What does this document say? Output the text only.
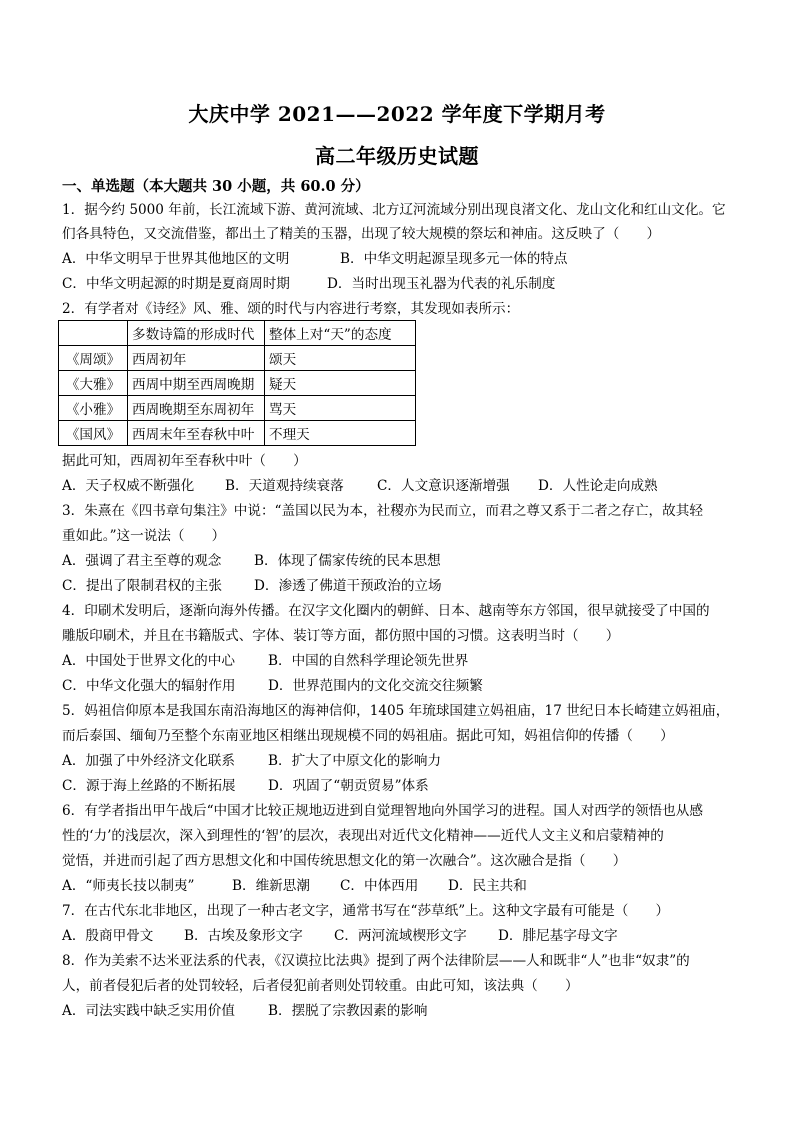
大庆中学 2021——2022 学年度下学期月考
高二年级历史试题
一、单选题（本大题共 30 小题，共 60.0 分）
1．据今约 5000 年前，长江流域下游、黄河流域、北方辽河流域分别出现良渚文化、龙山文化和红山文化。它
们各具特色，又交流借鉴，都出土了精美的玉器，出现了较大规模的祭坛和神庙。这反映了（　　）
A．中华文明早于世界其他地区的文明	B．中华文明起源呈现多元一体的特点
C．中华文明起源的时期是夏商周时期	D．当时出现玉礼器为代表的礼乐制度
2．有学者对《诗经》风、雅、颂的时代与内容进行考察，其发现如表所示：
	多数诗篇的形成时代	整体上对“天”的态度
《周颂》	西周初年	颂天
《大雅》	西周中期至西周晚期	疑天
《小雅》	西周晚期至东周初年	骂天
《国风》	西周末年至春秋中叶	不理天
据此可知，西周初年至春秋中叶（　　）
A．天子权威不断强化 B．天道观持续衰落 C．人文意识逐渐增强 D．人性论走向成熟
3．朱熹在《四书章句集注》中说：“盖国以民为本，社稷亦为民而立，而君之尊又系于二者之存亡，故其轻
重如此。”这一说法（　　）
A．强调了君主至尊的观念 B．体现了儒家传统的民本思想
C．提出了限制君权的主张 D．渗透了佛道干预政治的立场
4．印刷术发明后，逐渐向海外传播。在汉字文化圈内的朝鲜、日本、越南等东方邻国，很早就接受了中国的
雕版印刷术，并且在书籍版式、字体、装订等方面，都仿照中国的习惯。这表明当时（　　）
A．中国处于世界文化的中心 B．中国的自然科学理论领先世界
C．中华文化强大的辐射作用 D．世界范围内的文化交流交往频繁
5．妈祖信仰原本是我国东南沿海地区的海神信仰，1405 年琉球国建立妈祖庙，17 世纪日本长崎建立妈祖庙，
而后泰国、缅甸乃至整个东南亚地区相继出现规模不同的妈祖庙。据此可知，妈祖信仰的传播（　　）
A．加强了中外经济文化联系 B．扩大了中原文化的影响力
C．源于海上丝路的不断拓展 D．巩固了“朝贡贸易”体系
6．有学者指出甲午战后“中国才比较正规地迈进到自觉理智地向外国学习的进程。国人对西学的领悟也从感
性的‘力’的浅层次，深入到理性的‘智’的层次，表现出对近代文化精神——近代人文主义和启蒙精神的
觉悟，并进而引起了西方思想文化和中国传统思想文化的第一次融合”。这次融合是指（　　）
A．“师夷长技以制夷”	B．维新思潮 C．中体西用 D．民主共和
7．在古代东北非地区，出现了一种古老文字，通常书写在“莎草纸”上。这种文字最有可能是（　　）
A．殷商甲骨文 B．古埃及象形文字 C．两河流域楔形文字 D．腓尼基字母文字
8．作为美索不达米亚法系的代表，《汉谟拉比法典》提到了两个法律阶层——人和既非“人”也非“奴隶”的
人，前者侵犯后者的处罚较轻，后者侵犯前者则处罚较重。由此可知，该法典（　　）
A．司法实践中缺乏实用价值 B．摆脱了宗教因素的影响
